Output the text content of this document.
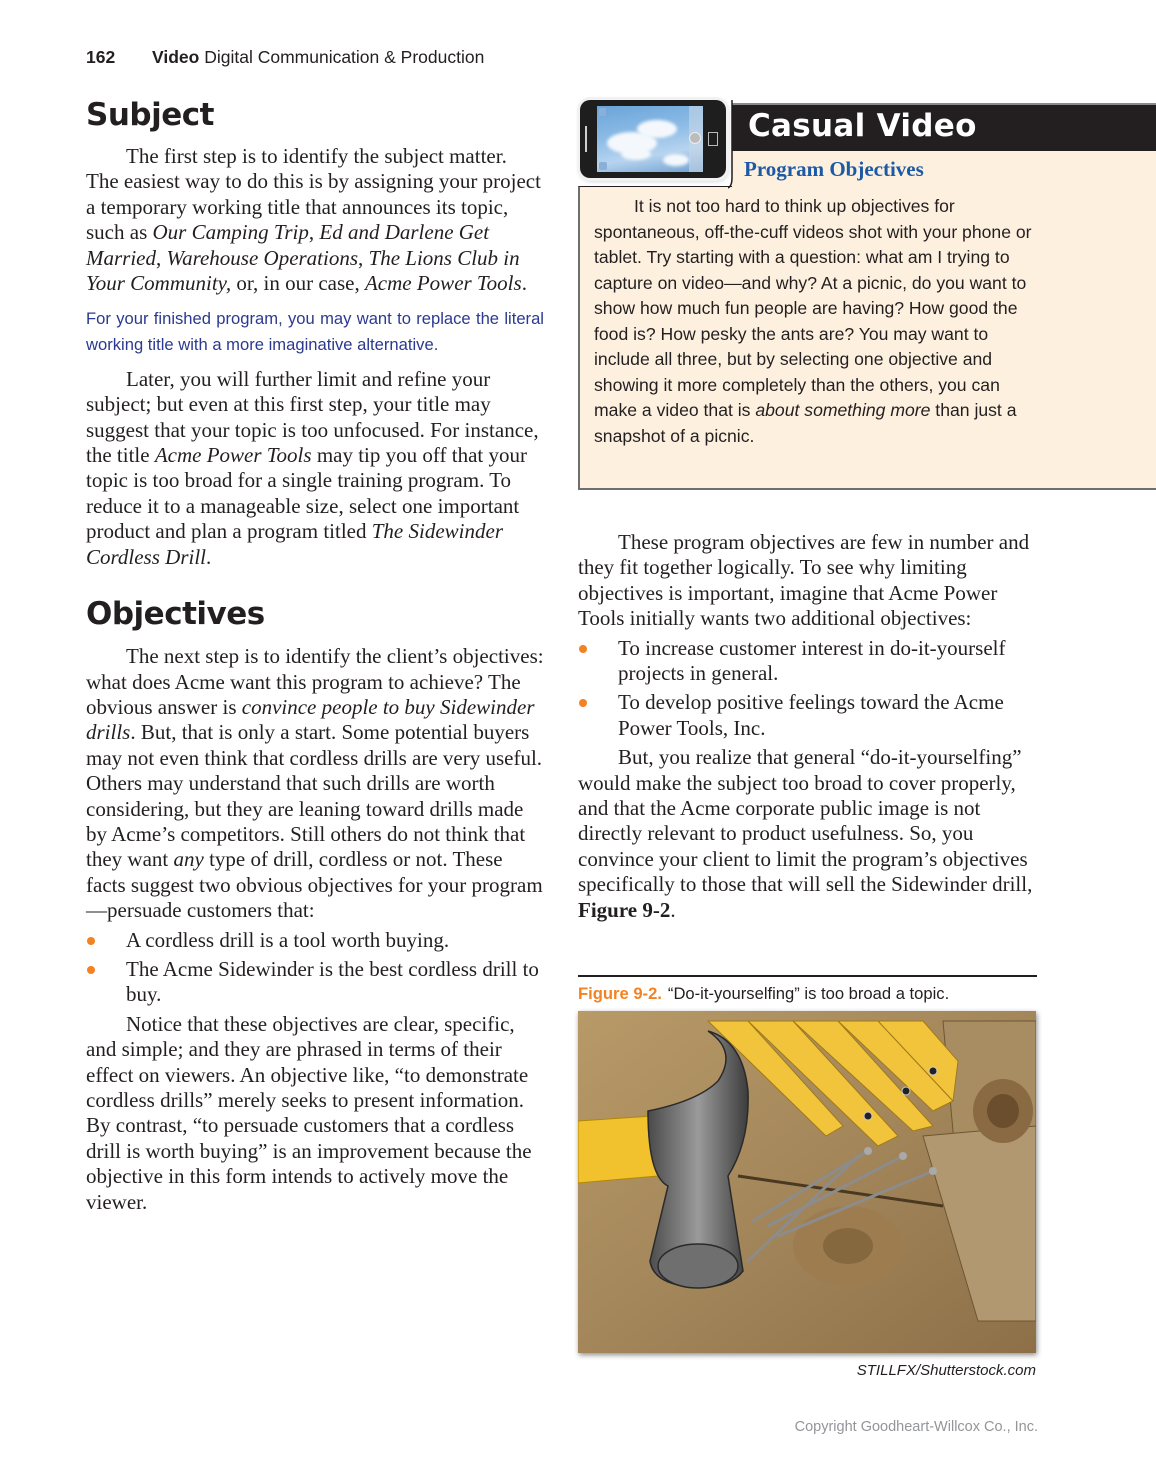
162 Video Digital Communication & Production
Subject

The first step is to identify the subject matter. The easiest way to do this is by assigning your project a temporary working title that announces its topic, such as Our Camping Trip, Ed and Darlene Get Married, Warehouse Operations, The Lions Club in Your Community, or, in our case, Acme Power Tools.

For your finished program, you may want to replace the literal working title with a more imaginative alternative.

Later, you will further limit and refine your subject; but even at this first step, your title may suggest that your topic is too unfocused. For instance, the title Acme Power Tools may tip you off that your topic is too broad for a single training program. To reduce it to a manageable size, select one important product and plan a program titled The Sidewinder Cordless Drill.

Objectives

The next step is to identify the client’s objectives: what does Acme want this program to achieve? The obvious answer is convince people to buy Sidewinder drills. But, that is only a start. Some potential buyers may not even think that cordless drills are very useful. Others may understand that such drills are worth considering, but they are leaning toward drills made by Acme’s competitors. Still others do not think that they want any type of drill, cordless or not. These facts suggest two obvious objectives for your program—persuade customers that:

A cordless drill is a tool worth buying.
The Acme Sidewinder is the best cordless drill to buy.

Notice that these objectives are clear, specific, and simple; and they are phrased in terms of their effect on viewers. An objective like, “to demonstrate cordless drills” merely seeks to present information. By contrast, “to persuade customers that a cordless drill is worth buying” is an improvement because the objective in this form intends to actively move the viewer.

Casual Video
Program Objectives
It is not too hard to think up objectives for spontaneous, off-the-cuff videos shot with your phone or tablet. Try starting with a question: what am I trying to capture on video—and why? At a picnic, do you want to show how much fun people are having? How good the food is? How pesky the ants are? You may want to include all three, but by selecting one objective and showing it more completely than the others, you can make a video that is about something more than just a snapshot of a picnic.

These program objectives are few in number and they fit together logically. To see why limiting objectives is important, imagine that Acme Power Tools initially wants two additional objectives:

To increase customer interest in do-it-yourself projects in general.
To develop positive feelings toward the Acme Power Tools, Inc.

But, you realize that general “do-it-yourselfing” would make the subject too broad to cover properly, and that the Acme corporate public image is not directly relevant to product usefulness. So, you convince your client to limit the program’s objectives specifically to those that will sell the Sidewinder drill, Figure 9-2.

Figure 9-2. “Do-it-yourselfing” is too broad a topic.
STILLFX/Shutterstock.com
Copyright Goodheart-Willcox Co., Inc.
